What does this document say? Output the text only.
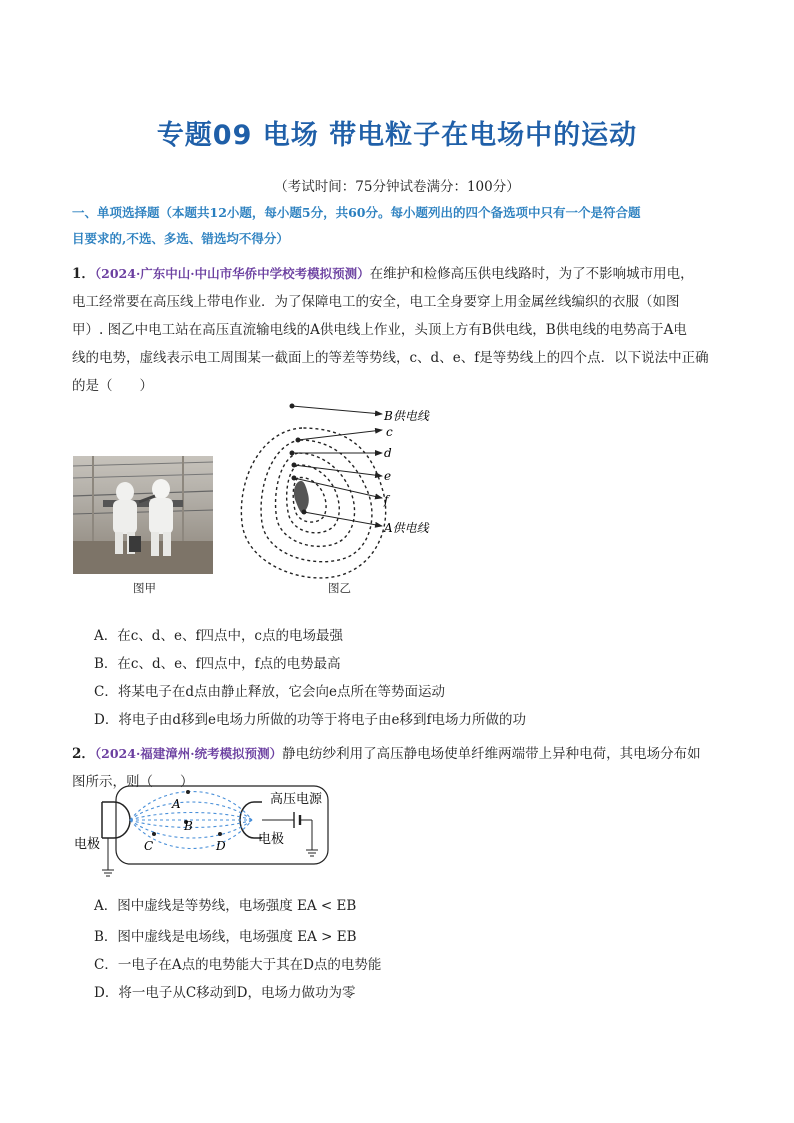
专题09 电场 带电粒子在电场中的运动
（考试时间：75分钟试卷满分：100分）
一、单项选择题（本题共12小题，每小题5分，共60分。每小题列出的四个备选项中只有一个是符合题
目要求的,不选、多选、错选均不得分）
1．（2024·广东中山·中山市华侨中学校考模拟预测）在维护和检修高压供电线路时，为了不影响城市用电，
电工经常要在高压线上带电作业．为了保障电工的安全，电工全身要穿上用金属丝线编织的衣服（如图
甲）. 图乙中电工站在高压直流输电线的A供电线上作业，头顶上方有B供电线，B供电线的电势高于A电
线的电势，虚线表示电工周围某一截面上的等差等势线，c、d、e、f是等势线上的四个点．以下说法中正确
的是（　　）
图甲
B供电线
c
d
e
f
A供电线
图乙
A．在c、d、e、f四点中，c点的电场最强
B．在c、d、e、f四点中，f点的电势最高
C．将某电子在d点由静止释放，它会向e点所在等势面运动
D．将电子由d移到e电场力所做的功等于将电子由e移到f电场力所做的功
2．（2024·福建漳州·统考模拟预测）静电纺纱利用了高压静电场使单纤维两端带上异种电荷，其电场分布如
图所示，则（　　）
A
B
C	D
高压电源
电极
电极
A．图中虚线是等势线，电场强度 EA < EB
B．图中虚线是电场线，电场强度 EA > EB
C．一电子在A点的电势能大于其在D点的电势能
D．将一电子从C移动到D，电场力做功为零
